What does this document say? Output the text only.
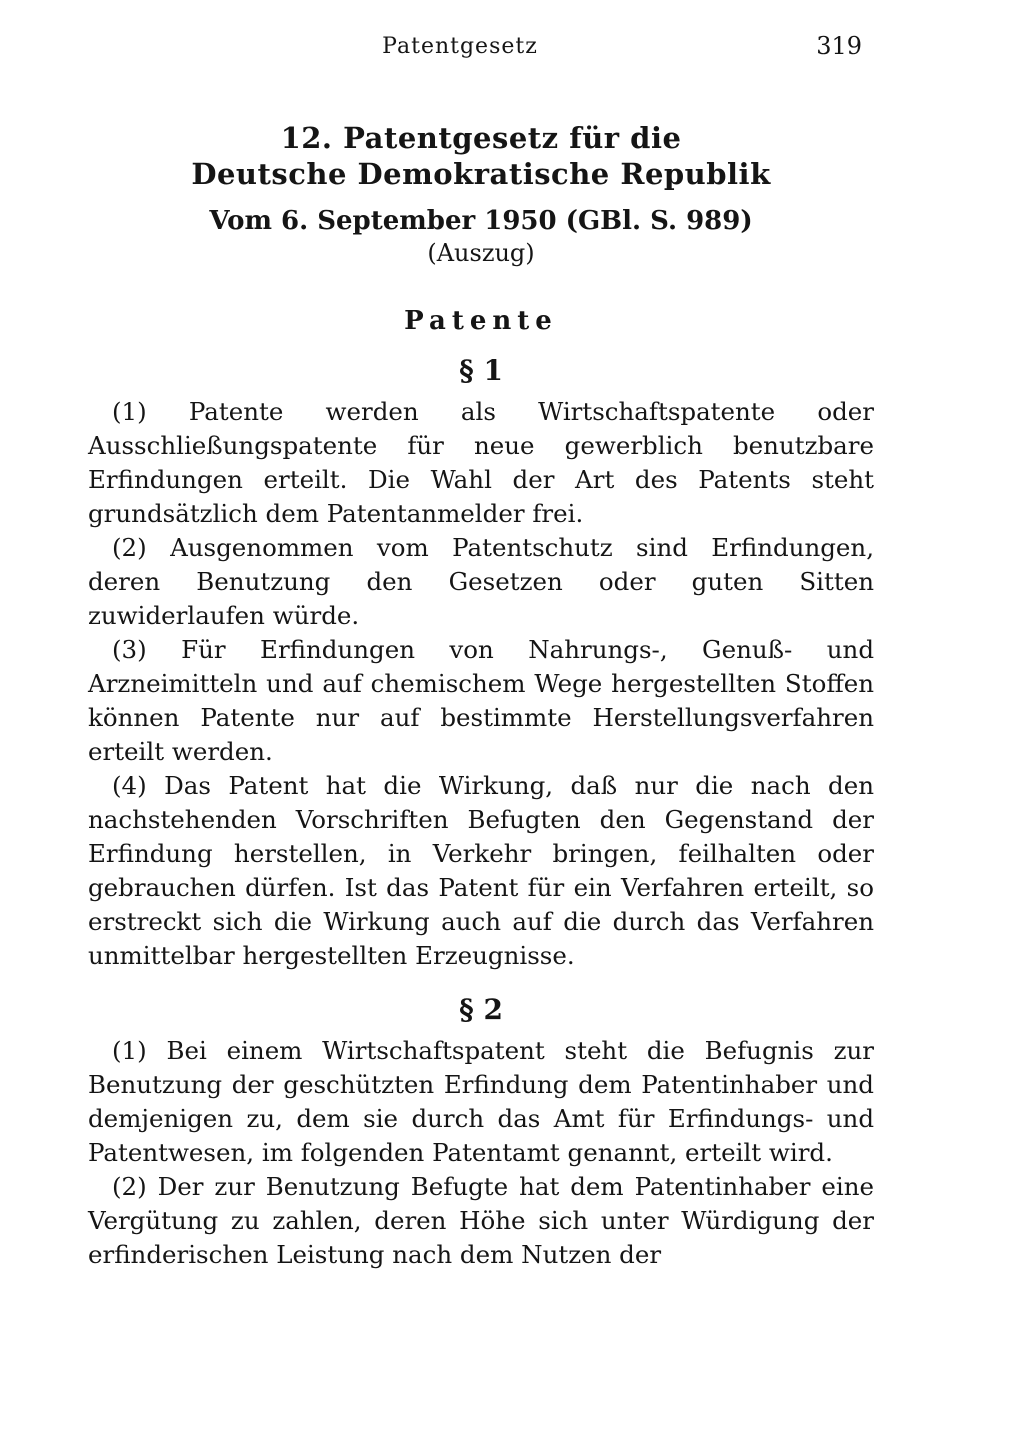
Patentgesetz	319
12. Patentgesetz für die
Deutsche Demokratische Republik

Vom 6. September 1950 (GBl. S. 989)

(Auszug)

Patente
§ 1

(1) Patente werden als Wirtschaftspatente oder Ausschließungspatente für neue gewerblich benutzbare Erfindungen erteilt. Die Wahl der Art des Patents steht grundsätzlich dem Patentanmelder frei.

(2) Ausgenommen vom Patentschutz sind Erfindungen, deren Benutzung den Gesetzen oder guten Sitten zuwiderlaufen würde.

(3) Für Erfindungen von Nahrungs-, Genuß- und Arzneimitteln und auf chemischem Wege hergestellten Stoffen können Patente nur auf bestimmte Herstellungsverfahren erteilt werden.

(4) Das Patent hat die Wirkung, daß nur die nach den nachstehenden Vorschriften Befugten den Gegenstand der Erfindung herstellen, in Verkehr bringen, feilhalten oder gebrauchen dürfen. Ist das Patent für ein Verfahren erteilt, so erstreckt sich die Wirkung auch auf die durch das Verfahren unmittelbar hergestellten Erzeugnisse.

§ 2

(1) Bei einem Wirtschaftspatent steht die Befugnis zur Benutzung der geschützten Erfindung dem Patentinhaber und demjenigen zu, dem sie durch das Amt für Erfindungs- und Patentwesen, im folgenden Patentamt genannt, erteilt wird.

(2) Der zur Benutzung Befugte hat dem Patentinhaber eine Vergütung zu zahlen, deren Höhe sich unter Würdigung der erfinderischen Leistung nach dem Nutzen der
